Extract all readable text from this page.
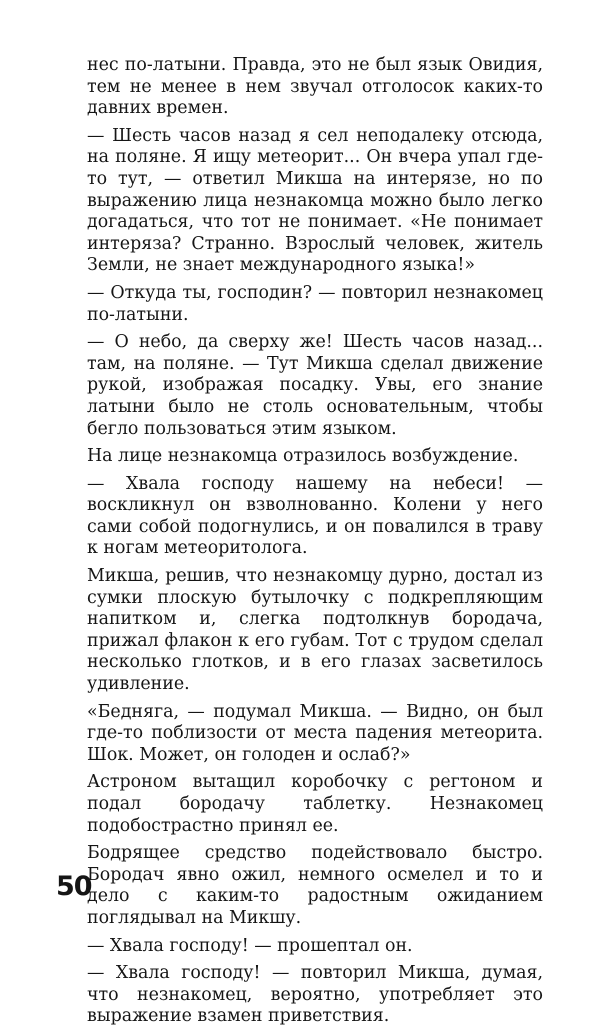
нес по-латыни. Правда, это не был язык Овидия, тем не менее в нем звучал отголосок каких-то давних времен.

— Шесть часов назад я сел неподалеку отсюда, на поляне. Я ищу метеорит... Он вчера упал где-то тут, — ответил Микша на интерязе, но по выражению лица незнакомца можно было легко догадаться, что тот не понимает. «Не понимает интеряза? Странно. Взрослый человек, житель Земли, не знает международного языка!»

— Откуда ты, господин? — повторил незнакомец по-латыни.

— О небо, да сверху же! Шесть часов назад... там, на поляне. — Тут Микша сделал движение рукой, изображая посадку. Увы, его знание латыни было не столь основательным, чтобы бегло пользоваться этим языком.

На лице незнакомца отразилось возбуждение.

— Хвала господу нашему на небеси! — воскликнул он взволнованно. Колени у него сами собой подогнулись, и он повалился в траву к ногам метеоритолога.

Микша, решив, что незнакомцу дурно, достал из сумки плоскую бутылочку с подкрепляющим напитком и, слегка подтолкнув бородача, прижал флакон к его губам. Тот с трудом сделал несколько глотков, и в его глазах засветилось удивление.

«Бедняга, — подумал Микша. — Видно, он был где-то поблизости от места падения метеорита. Шок. Может, он голоден и ослаб?»

Астроном вытащил коробочку с регтоном и подал бородачу таблетку. Незнакомец подобострастно принял ее.

Бодрящее средство подействовало быстро. Бородач явно ожил, немного осмелел и то и дело с каким-то радостным ожиданием поглядывал на Микшу.

— Хвала господу! — прошептал он.

— Хвала господу! — повторил Микша, думая, что незнакомец, вероятно, употребляет это выражение взамен приветствия.

50
